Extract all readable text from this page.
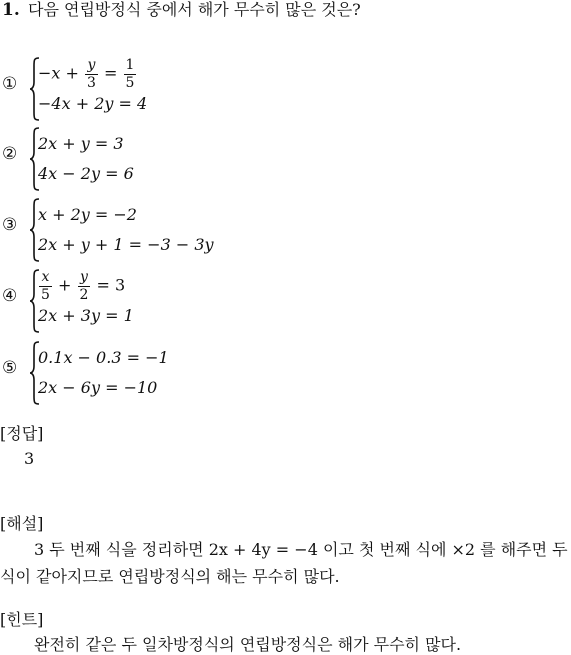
1. 다음 연립방정식 중에서 해가 무수히 많은 것은?
①
$-x + \frac{y}{3} = \frac{1}{5}$
−4x + 2y = 4
②
2x + y = 3
4x − 2y = 6
③
x + 2y = −2
2x + y + 1 = −3 − 3y
④ $\frac{x}{5} + \frac{y}{2} = 3$
2x + 3y = 1
⑤
0.1x − 0.3 = −1
2x − 6y = −10
[정답]
3
[해설]
3 두 번째 식을 정리하면 2x + 4y = −4 이고 첫 번째 식에 ×2 를 해주면 두
식이 같아지므로 연립방정식의 해는 무수히 많다.
[힌트]
완전히 같은 두 일차방정식의 연립방정식은 해가 무수히 많다.
